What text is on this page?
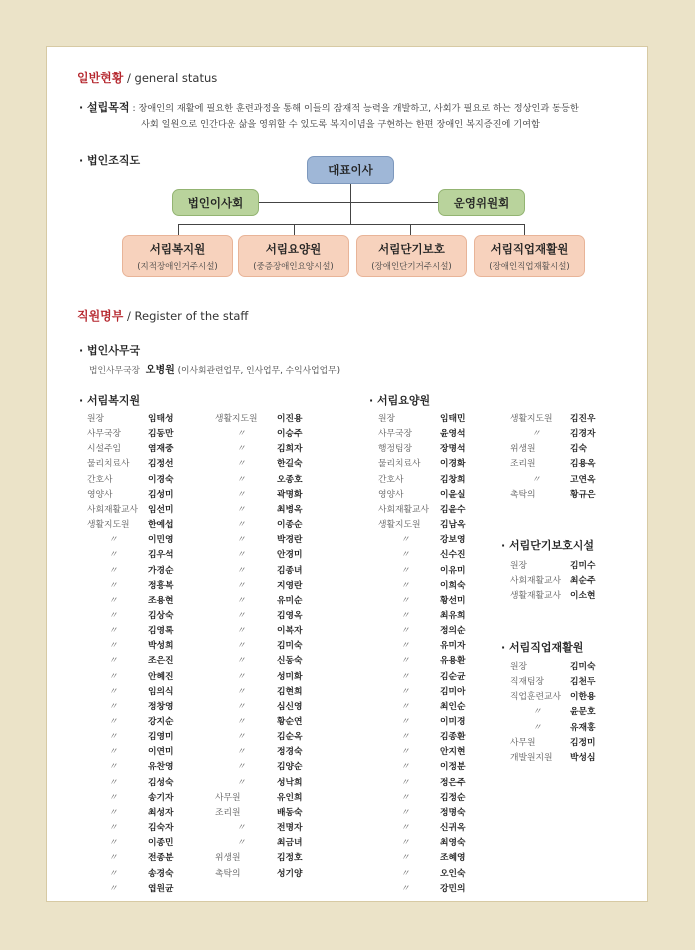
일반현황 / general status
· 설립목적 : 장애인의 재활에 필요한 훈련과정을 통해 이들의 잠재적 능력을 개발하고, 사회가 필요로 하는 정상인과 동등한
사회 일원으로 인간다운 삶을 영위할 수 있도록 복지이념을 구현하는 한편 장애인 복지증진에 기여함
· 법인조직도
대표이사
법인이사회	운영위원회
서림복지원
(지적장애인거주시설)
서림요양원
(중증장애인요양시설)
서림단기보호
(장애인단기거주시설)
서림직업재활원
(장애인직업재활시설)
직원명부 / Register of the staff
· 법인사무국
법인사무국장 오병원 (이사회관련업무, 인사업무, 수익사업업무)
· 서림복지원	· 서림요양원
· 서림단기보호시설
· 서림직업재활원
원장	임태성
사무국장	김동만
시설주임	염재중
물리치료사	김정선
간호사	이경숙
영양사	김성미
사회재활교사 임선미
생활지도원	한예섭
〃	이민영
〃	김우석
〃	가경순
〃	정흥복
〃	조용현
〃	김상숙
〃	김영록
〃	박성희
〃	조은진
〃	안혜진
〃	임의식
〃	정창영
〃	강지순
〃	김영미
〃	이연미
〃	유찬영
〃	김성숙
〃	송기자
〃	최성자
〃	김숙자
〃	이종민
〃	전종분
〃	송경숙
〃	엽원균
생활지도원	이진용
〃	이승주
〃	김희자
〃	한길숙
〃	오종호
〃	곽명화
〃	최병옥
〃	이종순
〃	박경란
〃	안경미
〃	김종녀
〃	지영란
〃	유미순
〃	김영옥
〃	이복자
〃	김미숙
〃	신동숙
〃	성미화
〃	김현희
〃	심신영
〃	황순연
〃	김순옥
〃	정경숙
〃	김양순
〃	성낙희
사무원	유인희
조리원	배동숙
〃	전명자
〃	최금녀
위생원	김정호
촉탁의	성기양
원장	임태민
사무국장	윤영석
행정팀장	장명석
물리치료사	이경화
간호사	김창희
영양사	이윤실
사회재활교사	김윤수
생활지도원	김남옥
〃	강보영
〃	신수진
〃	이유미
〃	이희숙
〃	황선미
〃	최유희
〃	정의순
〃	유미자
〃	유용환
〃	김순균
〃	김미아
〃	최인순
〃	이미경
〃	김종환
〃	안지현
〃	이정분
〃	정은주
〃	김정순
〃	정명숙
〃	신귀옥
〃	최영숙
〃	조혜영
〃	오인숙
〃	강민의
생활지도원	김진우
〃	김경자
위생원	김숙
조리원	김용옥
〃	고연옥
촉탁의	황규은
원장	김미수
사회재활교사	최순주
생활재활교사	이소현
원장	김미숙
직재팀장	김천두
직업훈련교사	이한용
〃	윤문호
〃	유재홍
사무원	김정미
개발원지원	박성심
